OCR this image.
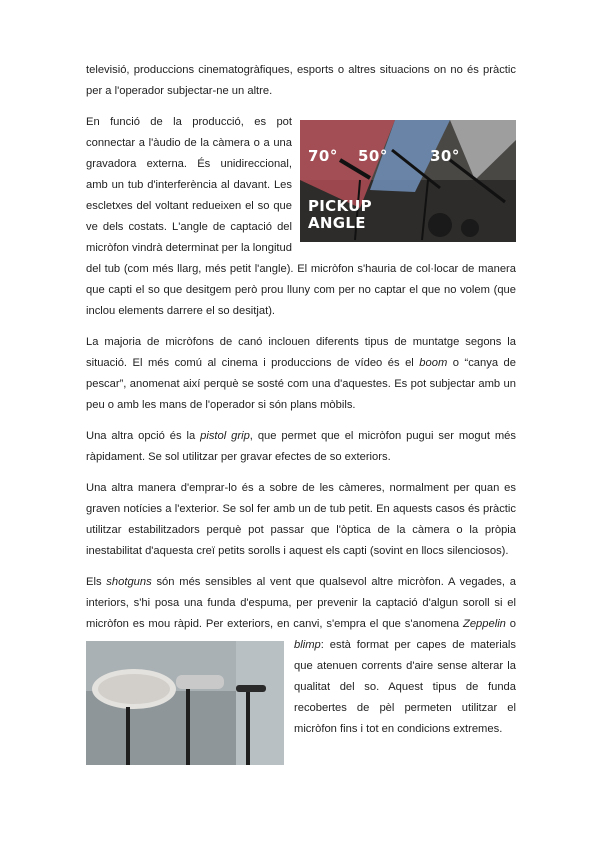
televisió, produccions cinematogràfiques, esports o altres situacions on no és pràctic per a l'operador subjectar-ne un altre.

70° 50°	30°
PICKUP
ANGLE
En funció de la producció, es pot connectar a l'àudio de la càmera o a una gravadora externa. És unidireccional, amb un tub d'interferència al davant. Les escletxes del voltant redueixen el so que ve dels costats. L'angle de captació del micròfon vindrà determinat per la longitud del tub (com més llarg, més petit l'angle). El micròfon s'hauria de col·locar de manera que capti el so que desitgem però prou lluny com per no captar el que no volem (que inclou elements darrere el so desitjat).

La majoria de micròfons de canó inclouen diferents tipus de muntatge segons la situació. El més comú al cinema i produccions de vídeo és el boom o “canya de pescar”, anomenat així perquè se sosté com una d'aquestes. Es pot subjectar amb un peu o amb les mans de l'operador si són plans mòbils.

Una altra opció és la pistol grip, que permet que el micròfon pugui ser mogut més ràpidament. Se sol utilitzar per gravar efectes de so exteriors.

Una altra manera d'emprar-lo és a sobre de les càmeres, normalment per quan es graven notícies a l'exterior. Se sol fer amb un de tub petit. En aquests casos és pràctic utilitzar estabilitzadors perquè pot passar que l'òptica de la càmera o la pròpia inestabilitat d'aquesta creï petits sorolls i aquest els capti (sovint en llocs silenciosos).

Els shotguns són més sensibles al vent que qualsevol altre micròfon. A vegades, a interiors, s'hi posa una funda d'espuma, per prevenir la captació d'algun soroll si el micròfon es mou ràpid. Per exteriors, en canvi, s'empra el que s'anomena
Zeppelin o blimp: està format per capes de materials que atenuen corrents d'aire sense alterar la qualitat del so. Aquest tipus de funda recobertes de pèl permeten utilitzar el micròfon fins i tot en condicions extremes.
